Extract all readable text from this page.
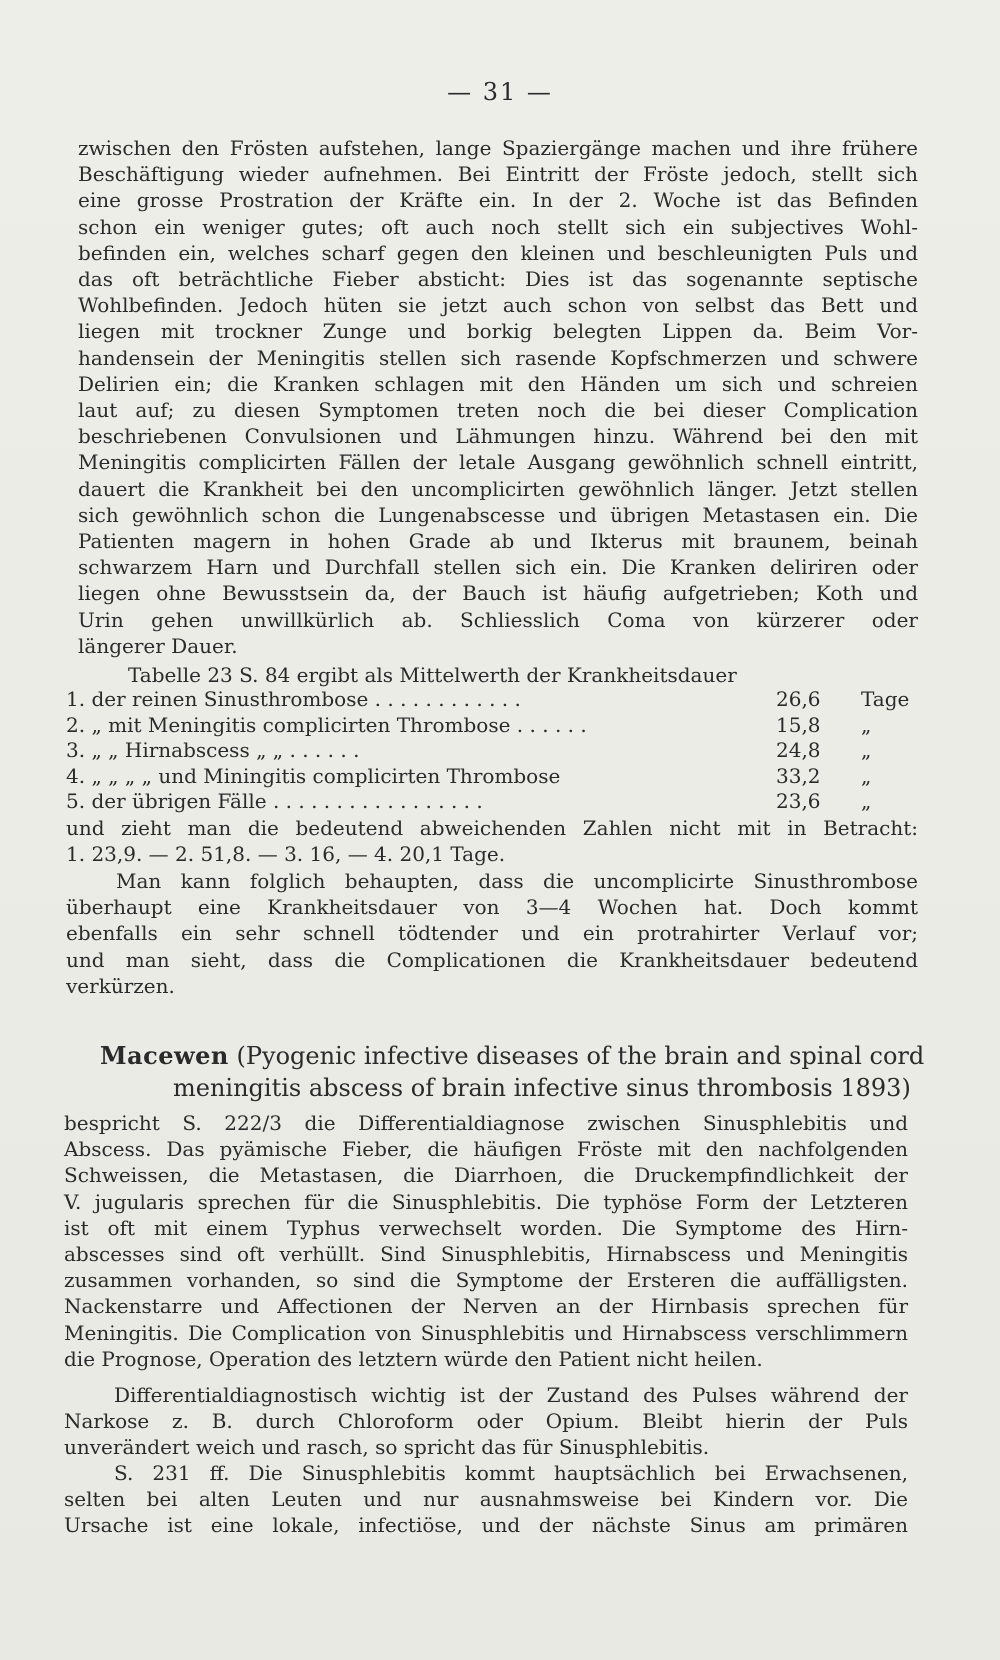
— 31 —
zwischen den Frösten aufstehen, lange Spaziergänge machen und ihre frühere
Beschäftigung wieder aufnehmen. Bei Eintritt der Fröste jedoch, stellt sich
eine grosse Prostration der Kräfte ein. In der 2. Woche ist das Befinden
schon ein weniger gutes; oft auch noch stellt sich ein subjectives Wohl-
befinden ein, welches scharf gegen den kleinen und beschleunigten Puls und
das oft beträchtliche Fieber absticht: Dies ist das sogenannte septische
Wohlbefinden. Jedoch hüten sie jetzt auch schon von selbst das Bett und
liegen mit trockner Zunge und borkig belegten Lippen da. Beim Vor-
handensein der Meningitis stellen sich rasende Kopfschmerzen und schwere
Delirien ein; die Kranken schlagen mit den Händen um sich und schreien
laut auf; zu diesen Symptomen treten noch die bei dieser Complication
beschriebenen Convulsionen und Lähmungen hinzu. Während bei den mit
Meningitis complicirten Fällen der letale Ausgang gewöhnlich schnell eintritt,
dauert die Krankheit bei den uncomplicirten gewöhnlich länger. Jetzt stellen
sich gewöhnlich schon die Lungenabscesse und übrigen Metastasen ein. Die
Patienten magern in hohen Grade ab und Ikterus mit braunem, beinah
schwarzem Harn und Durchfall stellen sich ein. Die Kranken deliriren oder
liegen ohne Bewusstsein da, der Bauch ist häufig aufgetrieben; Koth und
Urin gehen unwillkürlich ab. Schliesslich Coma von kürzerer oder
längerer Dauer.
Tabelle 23 S. 84 ergibt als Mittelwerth der Krankheitsdauer
1. der reinen Sinusthrombose . . . . . . . . . . . .	26,6 Tage
2. „ mit Meningitis complicirten Thrombose . . . . . .	15,8 „
3. „ „ Hirnabscess „ „ . . . . . .	24,8 „
4. „ „ „ „ und Miningitis complicirten Thrombose	33,2 „
5. der übrigen Fälle . . . . . . . . . . . . . . . . .	23,6 „
und zieht man die bedeutend abweichenden Zahlen nicht mit in Betracht:
1. 23,9. — 2. 51,8. — 3. 16, — 4. 20,1 Tage.
Man kann folglich behaupten, dass die uncomplicirte Sinusthrombose
überhaupt eine Krankheitsdauer von 3—4 Wochen hat. Doch kommt
ebenfalls ein sehr schnell tödtender und ein protrahirter Verlauf vor;
und man sieht, dass die Complicationen die Krankheitsdauer bedeutend
verkürzen.
Macewen (Pyogenic infective diseases of the brain and spinal cord
meningitis abscess of brain infective sinus thrombosis 1893)
bespricht S. 222/3 die Differentialdiagnose zwischen Sinusphlebitis und
Abscess. Das pyämische Fieber, die häufigen Fröste mit den nachfolgenden
Schweissen, die Metastasen, die Diarrhoen, die Druckempfindlichkeit der
V. jugularis sprechen für die Sinusphlebitis. Die typhöse Form der Letzteren
ist oft mit einem Typhus verwechselt worden. Die Symptome des Hirn-
abscesses sind oft verhüllt. Sind Sinusphlebitis, Hirnabscess und Meningitis
zusammen vorhanden, so sind die Symptome der Ersteren die auffälligsten.
Nackenstarre und Affectionen der Nerven an der Hirnbasis sprechen für
Meningitis. Die Complication von Sinusphlebitis und Hirnabscess verschlimmern
die Prognose, Operation des letztern würde den Patient nicht heilen.
Differentialdiagnostisch wichtig ist der Zustand des Pulses während der
Narkose z. B. durch Chloroform oder Opium. Bleibt hierin der Puls
unverändert weich und rasch, so spricht das für Sinusphlebitis.
S. 231 ff. Die Sinusphlebitis kommt hauptsächlich bei Erwachsenen,
selten bei alten Leuten und nur ausnahmsweise bei Kindern vor. Die
Ursache ist eine lokale, infectiöse, und der nächste Sinus am primären
